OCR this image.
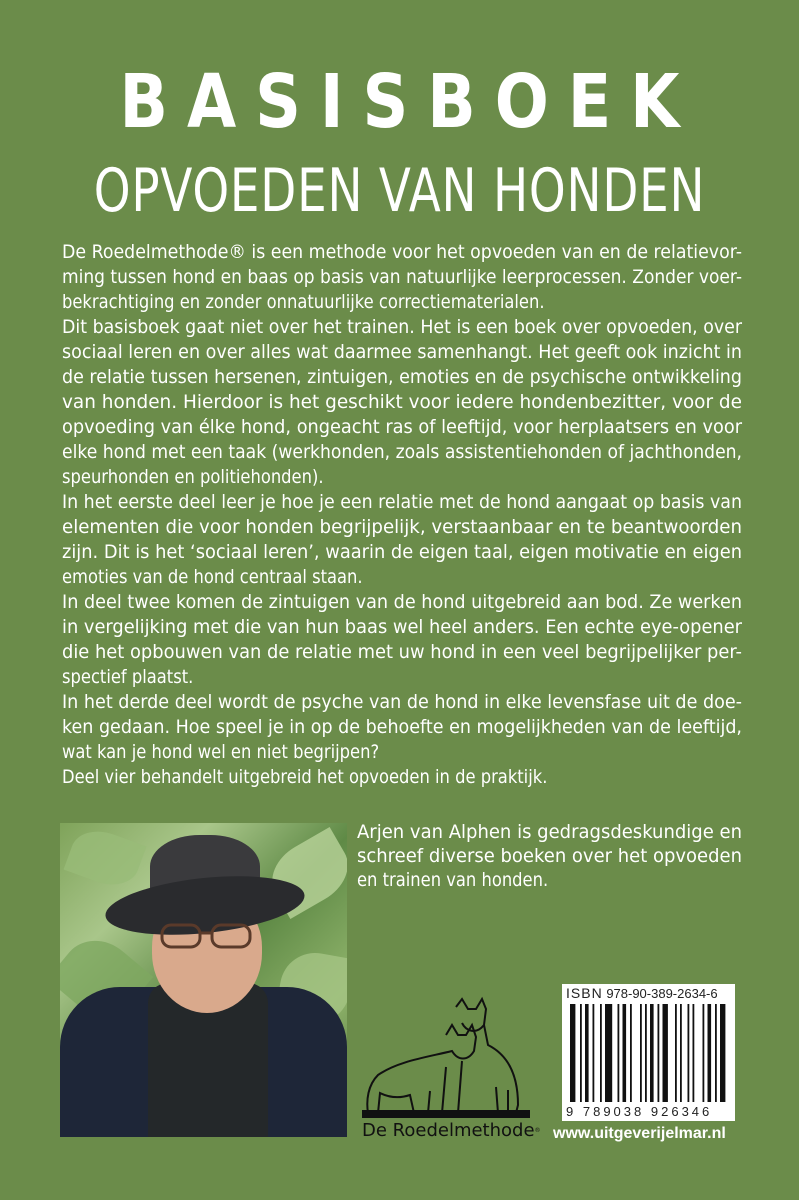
BASISBOEK
OPVOEDEN VAN HONDEN
De Roedelmethode® is een methode voor het opvoeden van en de relatievor-
ming tussen hond en baas op basis van natuurlijke leerprocessen. Zonder voer-
bekrachtiging en zonder onnatuurlijke correctiematerialen.
Dit basisboek gaat niet over het trainen. Het is een boek over opvoeden, over
sociaal leren en over alles wat daarmee samenhangt. Het geeft ook inzicht in
de relatie tussen hersenen, zintuigen, emoties en de psychische ontwikkeling
van honden. Hierdoor is het geschikt voor iedere hondenbezitter, voor de
opvoeding van élke hond, ongeacht ras of leeftijd, voor herplaatsers en voor
elke hond met een taak (werkhonden, zoals assistentiehonden of jachthonden,
speurhonden en politiehonden).
In het eerste deel leer je hoe je een relatie met de hond aangaat op basis van
elementen die voor honden begrijpelijk, verstaanbaar en te beantwoorden
zijn. Dit is het ‘sociaal leren’, waarin de eigen taal, eigen motivatie en eigen
emoties van de hond centraal staan.
In deel twee komen de zintuigen van de hond uitgebreid aan bod. Ze werken
in vergelijking met die van hun baas wel heel anders. Een echte eye-opener
die het opbouwen van de relatie met uw hond in een veel begrijpelijker per-
spectief plaatst.
In het derde deel wordt de psyche van de hond in elke levensfase uit de doe-
ken gedaan. Hoe speel je in op de behoefte en mogelijkheden van de leeftijd,
wat kan je hond wel en niet begrijpen?
Deel vier behandelt uitgebreid het opvoeden in de praktijk.
Arjen van Alphen is gedragsdeskundige en
schreef diverse boeken over het opvoeden
en trainen van honden.
De Roedelmethode®
ISBN 978-90-389-2634-6
9 789038 926346
www.uitgeverijelmar.nl
